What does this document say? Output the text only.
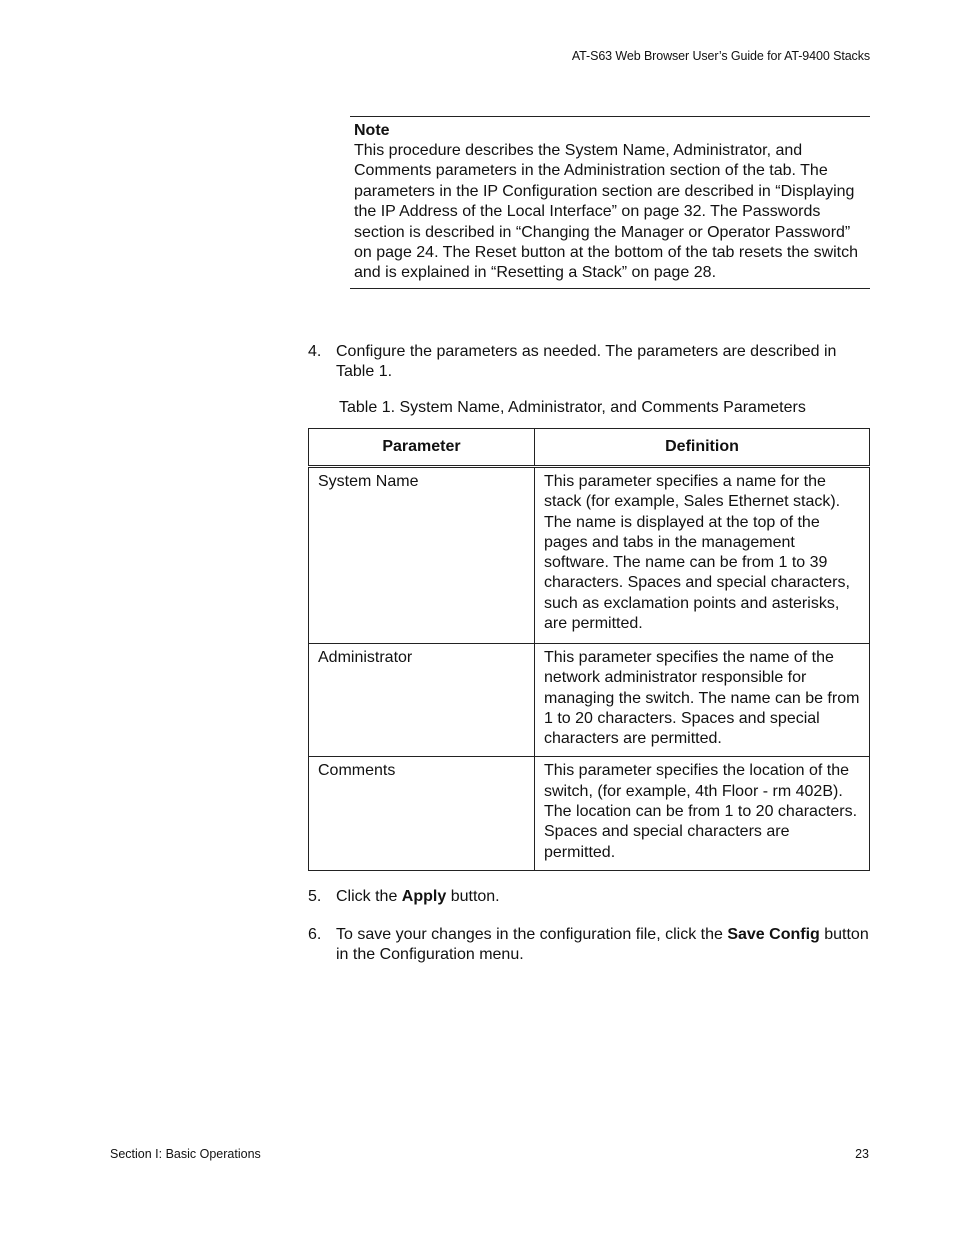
AT-S63 Web Browser User’s Guide for AT-9400 Stacks
Note
This procedure describes the System Name, Administrator, and Comments parameters in the Administration section of the tab. The parameters in the IP Configuration section are described in “Displaying the IP Address of the Local Interface” on page 32. The Passwords section is described in “Changing the Manager or Operator Password” on page 24. The Reset button at the bottom of the tab resets the switch and is explained in “Resetting a Stack” on page 28.
4. Configure the parameters as needed. The parameters are described in Table 1.
Table 1. System Name, Administrator, and Comments Parameters
Parameter	Definition
System Name	This parameter specifies a name for the stack (for example, Sales Ethernet stack). The name is displayed at the top of the pages and tabs in the management software. The name can be from 1 to 39 characters. Spaces and special characters, such as exclamation points and asterisks, are permitted.
Administrator	This parameter specifies the name of the network administrator responsible for managing the switch. The name can be from 1 to 20 characters. Spaces and special characters are permitted.
Comments	This parameter specifies the location of the switch, (for example, 4th Floor - rm 402B). The location can be from 1 to 20 characters. Spaces and special characters are permitted.
5. Click the Apply button.
6. To save your changes in the configuration file, click the Save Config button in the Configuration menu.
Section I: Basic Operations	23
